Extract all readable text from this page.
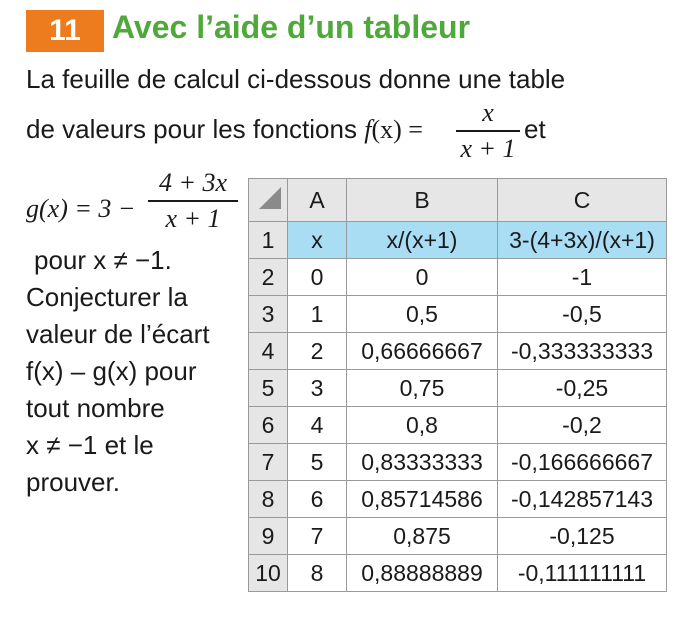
11 Avec l’aide d’un tableur
La feuille de calcul ci-dessous donne une table
de valeurs pour les fonctions f(x) =
x
x + 1
et
g(x) = 3 −
4 + 3x
x + 1
pour x ≠ −1.
Conjecturer la
valeur de l’écart
f(x) – g(x) pour
tout nombre
x ≠ −1 et le
prouver.
	A	B	C
1	x	x/(x+1)	3-(4+3x)/(x+1)
2	0	0	-1
3	1	0,5	-0,5
4	2	0,66666667	-0,333333333
5	3	0,75	-0,25
6	4	0,8	-0,2
7	5	0,83333333	-0,166666667
8	6	0,85714586	-0,142857143
9	7	0,875	-0,125
10	8	0,88888889	-0,111111111
